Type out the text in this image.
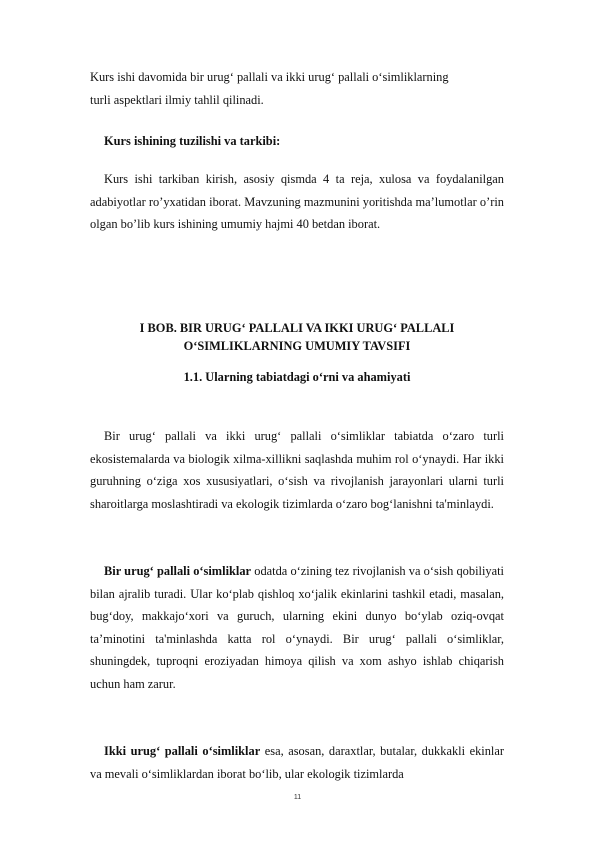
Kurs ishi davomida bir urug‘ pallali va ikki urug‘ pallali o‘simliklarning
turli aspektlari ilmiy tahlil qilinadi.

Kurs ishining tuzilishi va tarkibi:

Kurs ishi tarkiban kirish, asosiy qismda 4 ta reja, xulosa va foydalanilgan adabiyotlar ro’yxatidan iborat. Mavzuning mazmunini yoritishda ma’lumotlar o’rin olgan bo’lib kurs ishining umumiy hajmi 40 betdan iborat.

I BOB. BIR URUG‘ PALLALI VA IKKI URUG‘ PALLALI
O‘SIMLIKLARNING UMUMIY TAVSIFI
1.1. Ularning tabiatdagi o‘rni va ahamiyati

Bir urug‘ pallali va ikki urug‘ pallali o‘simliklar tabiatda o‘zaro turli ekosistemalarda va biologik xilma-xillikni saqlashda muhim rol o‘ynaydi. Har ikki guruhning o‘ziga xos xususiyatlari, o‘sish va rivojlanish jarayonlari ularni turli sharoitlarga moslashtiradi va ekologik tizimlarda o‘zaro bog‘lanishni ta'minlaydi.

Bir urug‘ pallali o‘simliklar odatda o‘zining tez rivojlanish va o‘sish qobiliyati bilan ajralib turadi. Ular ko‘plab qishloq xo‘jalik ekinlarini tashkil etadi, masalan, bug‘doy, makkajo‘xori va guruch, ularning ekini dunyo bo‘ylab oziq-ovqat ta’minotini ta'minlashda katta rol o‘ynaydi. Bir urug‘ pallali o‘simliklar, shuningdek, tuproqni eroziyadan himoya qilish va xom ashyo ishlab chiqarish uchun ham zarur.

Ikki urug‘ pallali o‘simliklar esa, asosan, daraxtlar, butalar, dukkakli ekinlar va mevali o‘simliklardan iborat bo‘lib, ular ekologik tizimlarda

11
